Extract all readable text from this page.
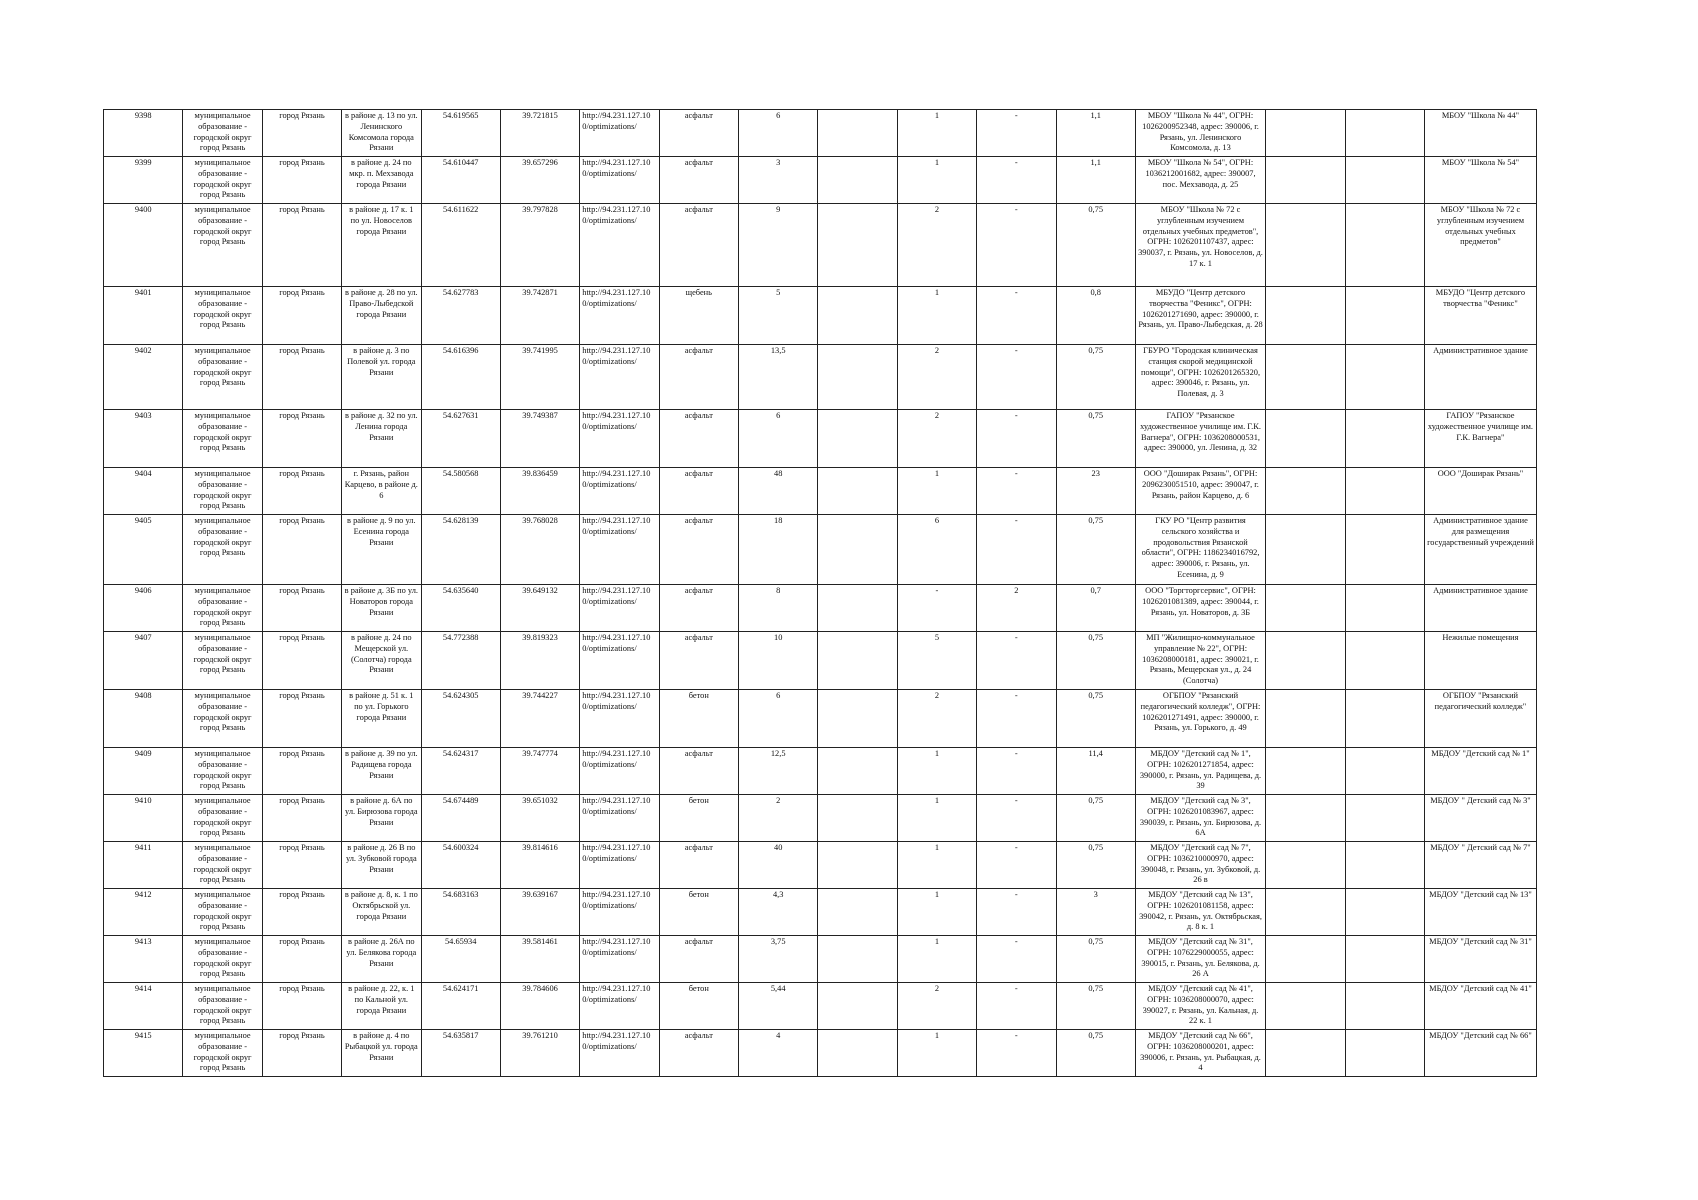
9398	муниципальное образование - городской округ город Рязань	город Рязань	в районе д. 13 по ул. Ленинского Комсомола города Рязани	54.619565	39.721815	http://94.231.127.10 0/optimizations/	асфальт	6		1	-	1,1	МБОУ "Школа № 44", ОГРН: 1026200952348, адрес: 390006, г. Рязань, ул. Ленинского Комсомола, д. 13			МБОУ "Школа № 44"
9399	муниципальное образование - городской округ город Рязань	город Рязань	в районе д. 24 по мкр. п. Мехзавода города Рязани	54.610447	39.657296	http://94.231.127.10 0/optimizations/	асфальт	3		1	-	1,1	МБОУ "Школа № 54", ОГРН: 1036212001682, адрес: 390007, пос. Мехзавода, д. 25			МБОУ "Школа № 54"
9400	муниципальное образование - городской округ город Рязань	город Рязань	в районе д. 17 к. 1 по ул. Новоселов города Рязани	54.611622	39.797828	http://94.231.127.10 0/optimizations/	асфальт	9		2	-	0,75	МБОУ "Школа № 72 с углубленным изучением отдельных учебных предметов", ОГРН: 1026201107437, адрес: 390037, г. Рязань, ул. Новоселов, д. 17 к. 1			МБОУ "Школа № 72 с углубленным изучением отдельных учебных предметов"
9401	муниципальное образование - городской округ город Рязань	город Рязань	в районе д. 28 по ул. Право-Лыбедской города Рязани	54.627783	39.742871	http://94.231.127.10 0/optimizations/	щебень	5		1	-	0,8	МБУДО "Центр детского творчества "Феникс", ОГРН: 1026201271690, адрес: 390000, г. Рязань, ул. Право-Лыбедская, д. 28			МБУДО "Центр детского творчества "Феникс"
9402	муниципальное образование - городской округ город Рязань	город Рязань	в районе д. 3 по Полевой ул. города Рязани	54.616396	39.741995	http://94.231.127.10 0/optimizations/	асфальт	13,5		2	-	0,75	ГБУРО "Городская клиническая станция скорой медицинской помощи", ОГРН: 1026201265320, адрес: 390046, г. Рязань, ул. Полевая, д. 3			Административное здание
9403	муниципальное образование - городской округ город Рязань	город Рязань	в районе д. 32 по ул. Ленина города Рязани	54.627631	39.749387	http://94.231.127.10 0/optimizations/	асфальт	6		2	-	0,75	ГАПОУ "Рязанское художественное училище им. Г.К. Вагнера", ОГРН: 1036208000531, адрес: 390000, ул. Ленина, д. 32			ГАПОУ "Рязанское художественное училище им. Г.К. Вагнера"
9404	муниципальное образование - городской округ город Рязань	город Рязань	г. Рязань, район Карцево, в районе д. 6	54.580568	39.836459	http://94.231.127.10 0/optimizations/	асфальт	48		1	-	23	ООО "Доширак Рязань", ОГРН: 2096230051510, адрес: 390047, г. Рязань, район Карцево, д. 6			ООО "Доширак Рязань"
9405	муниципальное образование - городской округ город Рязань	город Рязань	в районе д. 9 по ул. Есенина города Рязани	54.628139	39.768028	http://94.231.127.10 0/optimizations/	асфальт	18		6	-	0,75	ГКУ РО "Центр развития сельского хозяйства и продовольствия Рязанской области", ОГРН: 1186234016792, адрес: 390006, г. Рязань, ул. Есенина, д. 9			Административное здание для размещения государственный учреждений
9406	муниципальное образование - городской округ город Рязань	город Рязань	в районе д. 3Б по ул. Новаторов города Рязани	54.635640	39.649132	http://94.231.127.10 0/optimizations/	асфальт	8		-	2	0,7	ООО "Торгторгсервис", ОГРН: 1026201081389, адрес: 390044, г. Рязань, ул. Новаторов, д. 3Б			Административное здание
9407	муниципальное образование - городской округ город Рязань	город Рязань	в районе д. 24 по Мещерской ул. (Солотча) города Рязани	54.772388	39.819323	http://94.231.127.10 0/optimizations/	асфальт	10		5	-	0,75	МП "Жилищно-коммунальное управление № 22", ОГРН: 1036208000181, адрес: 390021, г. Рязань, Мещерская ул., д. 24 (Солотча)			Нежилые помещения
9408	муниципальное образование - городской округ город Рязань	город Рязань	в районе д. 51 к. 1 по ул. Горького города Рязани	54.624305	39.744227	http://94.231.127.10 0/optimizations/	бетон	6		2	-	0,75	ОГБПОУ "Рязанский педагогический колледж", ОГРН: 1026201271491, адрес: 390000, г. Рязань, ул. Горького, д. 49			ОГБПОУ "Рязанский педагогический колледж"
9409	муниципальное образование - городской округ город Рязань	город Рязань	в районе д. 39 по ул. Радищева города Рязани	54.624317	39.747774	http://94.231.127.10 0/optimizations/	асфальт	12,5		1	-	11,4	МБДОУ "Детский сад № 1", ОГРН: 1026201271854, адрес: 390000, г. Рязань, ул. Радищева, д. 39			МБДОУ "Детский сад № 1"
9410	муниципальное образование - городской округ город Рязань	город Рязань	в районе д. 6А по ул. Бирюзова города Рязани	54.674489	39.651032	http://94.231.127.10 0/optimizations/	бетон	2		1	-	0,75	МБДОУ "Детский сад № 3", ОГРН: 1026201083967, адрес: 390039, г. Рязань, ул. Бирюзова, д. 6А			МБДОУ " Детский сад № 3"
9411	муниципальное образование - городской округ город Рязань	город Рязань	в районе д. 26 В по ул. Зубковой города Рязани	54.600324	39.814616	http://94.231.127.10 0/optimizations/	асфальт	40		1	-	0,75	МБДОУ "Детский сад № 7", ОГРН: 1036210000970, адрес: 390048, г. Рязань, ул. Зубковой, д. 26 в			МБДОУ " Детский сад № 7"
9412	муниципальное образование - городской округ город Рязань	город Рязань	в районе д. 8, к. 1 по Октябрьской ул. города Рязани	54.683163	39.639167	http://94.231.127.10 0/optimizations/	бетон	4,3		1	-	3	МБДОУ "Детский сад № 13", ОГРН: 1026201081158, адрес: 390042, г. Рязань, ул. Октябрьская, д. 8 к. 1			МБДОУ "Детский сад № 13"
9413	муниципальное образование - городской округ город Рязань	город Рязань	в районе д. 26А по ул. Белякова города Рязани	54.65934	39.581461	http://94.231.127.10 0/optimizations/	асфальт	3,75		1	-	0,75	МБДОУ "Детский сад № 31", ОГРН: 1076229000055, адрес: 390015, г. Рязань, ул. Белякова, д. 26 А			МБДОУ "Детский сад № 31"
9414	муниципальное образование - городской округ город Рязань	город Рязань	в районе д. 22, к. 1 по Кальной ул. города Рязани	54.624171	39.784606	http://94.231.127.10 0/optimizations/	бетон	5,44		2	-	0,75	МБДОУ "Детский сад № 41", ОГРН: 1036208000070, адрес: 390027, г. Рязань, ул. Кальная, д. 22 к. 1			МБДОУ "Детский сад № 41"
9415	муниципальное образование - городской округ город Рязань	город Рязань	в районе д. 4 по Рыбацкой ул. города Рязани	54.635817	39.761210	http://94.231.127.10 0/optimizations/	асфальт	4		1	-	0,75	МБДОУ "Детский сад № 66", ОГРН: 1036208000201, адрес: 390006, г. Рязань, ул. Рыбацкая, д. 4			МБДОУ "Детский сад № 66"
